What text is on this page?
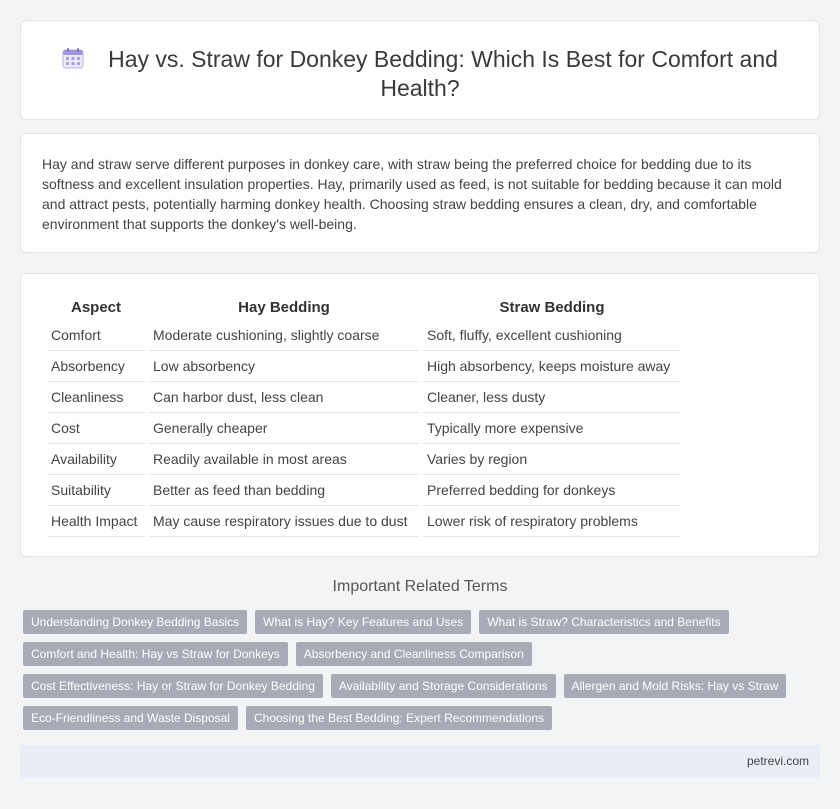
Hay vs. Straw for Donkey Bedding: Which Is Best for Comfort and Health?

Hay and straw serve different purposes in donkey care, with straw being the preferred choice for bedding due to its softness and excellent insulation properties. Hay, primarily used as feed, is not suitable for bedding because it can mold and attract pests, potentially harming donkey health. Choosing straw bedding ensures a clean, dry, and comfortable environment that supports the donkey's well-being.

Aspect	Hay Bedding	Straw Bedding
Comfort	Moderate cushioning, slightly coarse	Soft, fluffy, excellent cushioning
Absorbency	Low absorbency	High absorbency, keeps moisture away
Cleanliness	Can harbor dust, less clean	Cleaner, less dusty
Cost	Generally cheaper	Typically more expensive
Availability	Readily available in most areas	Varies by region
Suitability	Better as feed than bedding	Preferred bedding for donkeys
Health Impact	May cause respiratory issues due to dust	Lower risk of respiratory problems
Important Related Terms
Understanding Donkey Bedding Basics	What is Hay? Key Features and Uses	What is Straw? Characteristics and Benefits
Comfort and Health: Hay vs Straw for Donkeys	Absorbency and Cleanliness Comparison
Cost Effectiveness: Hay or Straw for Donkey Bedding	Availability and Storage Considerations	Allergen and Mold Risks: Hay vs Straw
Eco-Friendliness and Waste Disposal	Choosing the Best Bedding: Expert Recommendations
petrevi.com
